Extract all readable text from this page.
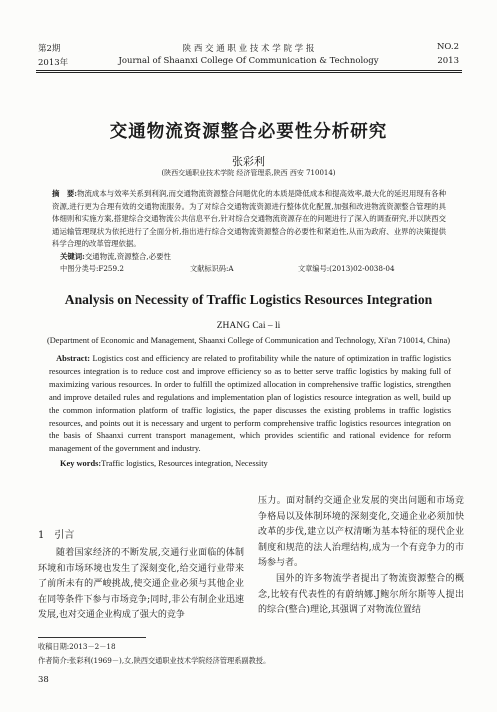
第2期
2013年
陕 西 交 通 职 业 技 术 学 院 学 报
Journal of Shaanxi College Of Communication & Technology
NO.2
2013
交通物流资源整合必要性分析研究
张彩利
(陕西交通职业技术学院 经济管理系,陕西 西安 710014)
摘　要:物流成本与效率关系到利润,而交通物流资源整合问题优化的本质是降低成本和提高效率,最大化的延迟用现有各种资源,进行更为合理有效的交通物流服务。为了对综合交通物流资源进行整体优化配置,加强和改进物流资源整合管理的具体细则和实施方案,搭建综合交通物流公共信息平台,针对综合交通物流资源存在的问题进行了深入的调查研究,并以陕西交通运输管理现状为依托进行了全面分析,指出进行综合交通物流资源整合的必要性和紧迫性,从而为政府、业界的决策提供科学合理的改革管理依据。
关键词:交通物流,资源整合,必要性
中图分类号:F259.2	文献标识码:A	文章编号:(2013)02-0038-04
Analysis on Necessity of Traffic Logistics Resources Integration
ZHANG Cai – li
(Department of Economic and Management, Shaanxi College of Communication and Technology, Xi'an 710014, China)
Abstract: Logistics cost and efficiency are related to profitability while the nature of optimization in traffic logistics resources integration is to reduce cost and improve efficiency so as to better serve traffic logistics by making full of maximizing various resources. In order to fulfill the optimized allocation in comprehensive traffic logistics, strengthen and improve detailed rules and regulations and implementation plan of logistics resource integration as well, build up the common information platform of traffic logistics, the paper discusses the existing problems in traffic logistics resources, and points out it is necessary and urgent to perform comprehensive traffic logistics resources integration on the basis of Shaanxi current transport management, which provides scientific and rational evidence for reform management of the government and industry.
Key words:Traffic logistics, Resources integration, Necessity
1　引言

随着国家经济的不断发展,交通行业面临的体制环境和市场环境也发生了深刻变化,给交通行业带来了前所未有的严峻挑战,使交通企业必须与其他企业在同等条件下参与市场竞争;同时,非公有制企业迅速发展,也对交通企业构成了强大的竞争

压力。面对制约交通企业发展的突出问题和市场竞争格局以及体制环境的深刻变化,交通企业必须加快改革的步伐,建立以产权清晰为基本特征的现代企业制度和规范的法人治理结构,成为一个有竞争力的市场参与者。

国外的许多物流学者提出了物流资源整合的概念,比较有代表性的有蔚纳娜.J鲍尔所尔斯等人提出的综合(整合)理论,其强调了对物流位置结

收稿日期:2013－2－18
作者简介:张彩利(1969－),女,陕西交通职业技术学院经济管理系副教授。
38
